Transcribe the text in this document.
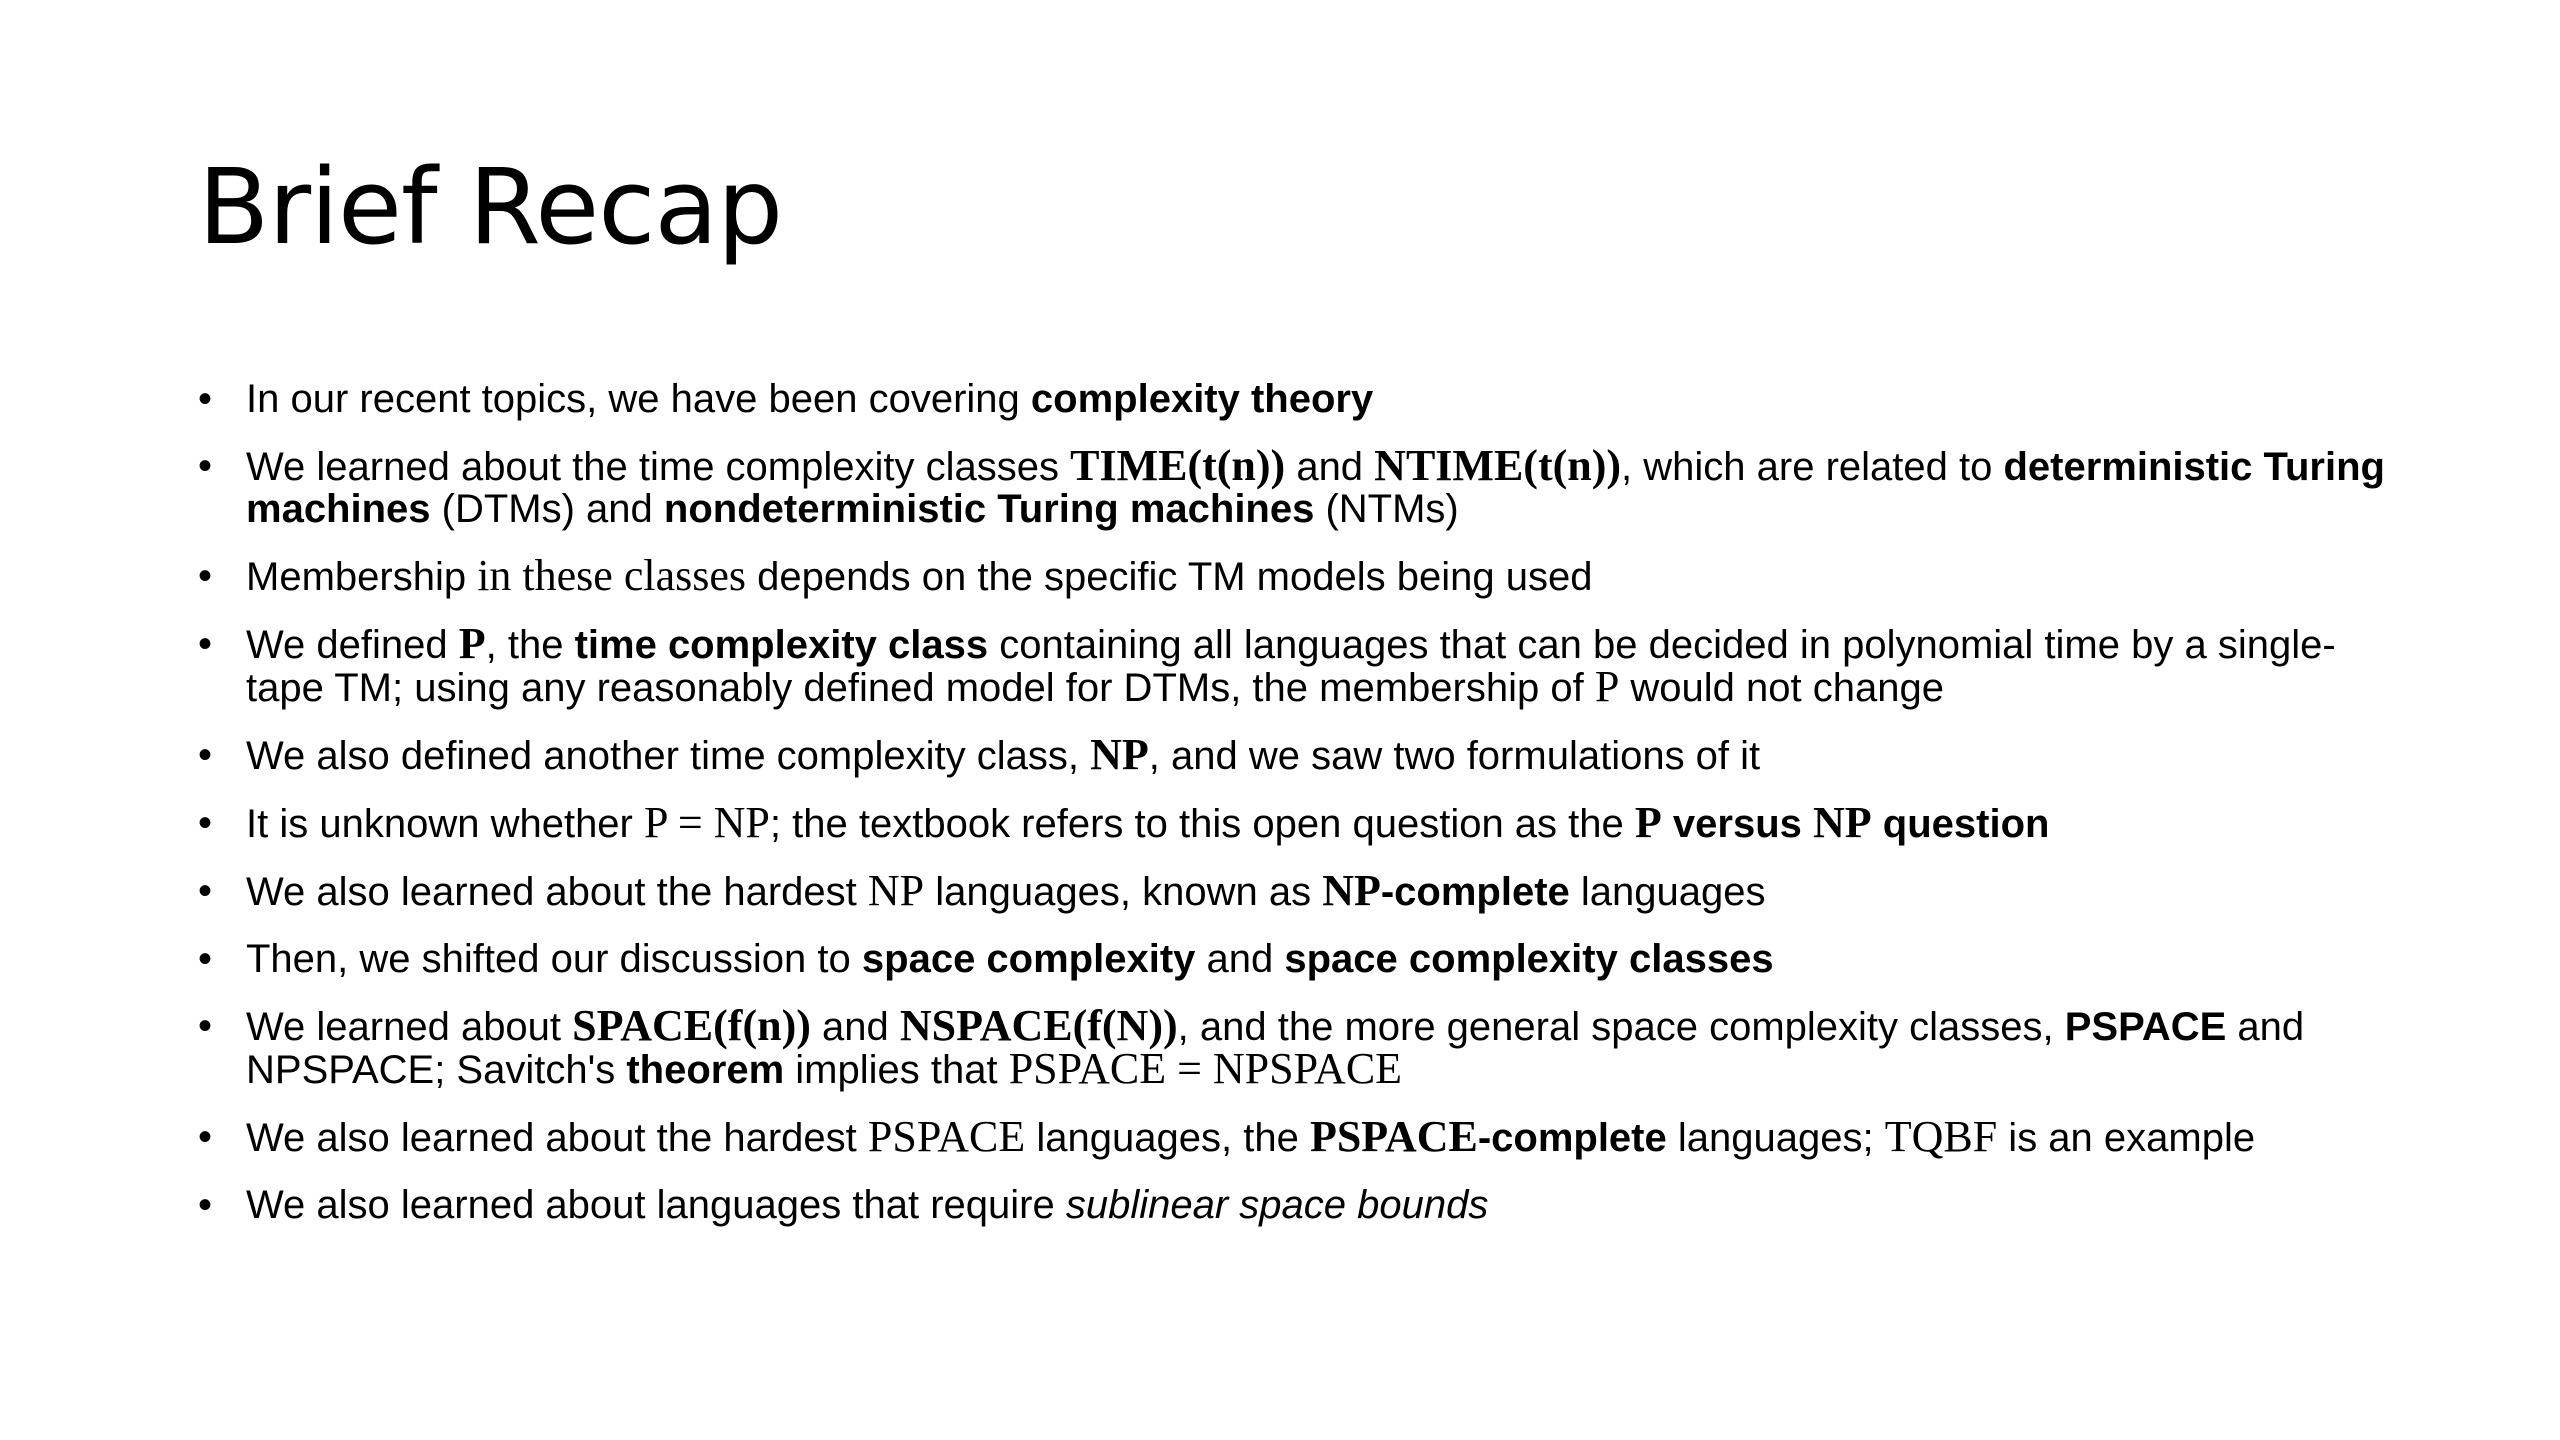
Brief Recap
• In our recent topics, we have been covering complexity theory
• We learned about the time complexity classes TIME(t(n)) and NTIME(t(n)), which are related to deterministic Turing machines (DTMs) and nondeterministic Turing machines (NTMs)
• Membership in these classes depends on the specific TM models being used
• We defined P, the time complexity class containing all languages that can be decided in polynomial time by a single-tape TM; using any reasonably defined model for DTMs, the membership of P would not change
• We also defined another time complexity class, NP, and we saw two formulations of it
• It is unknown whether P = NP; the textbook refers to this open question as the P versus NP question
• We also learned about the hardest NP languages, known as NP-complete languages
• Then, we shifted our discussion to space complexity and space complexity classes
• We learned about SPACE(f(n)) and NSPACE(f(N)), and the more general space complexity classes, PSPACE and NPSPACE; Savitch's theorem implies that PSPACE = NPSPACE
• We also learned about the hardest PSPACE languages, the PSPACE-complete languages; TQBF is an example
• We also learned about languages that require sublinear space bounds
